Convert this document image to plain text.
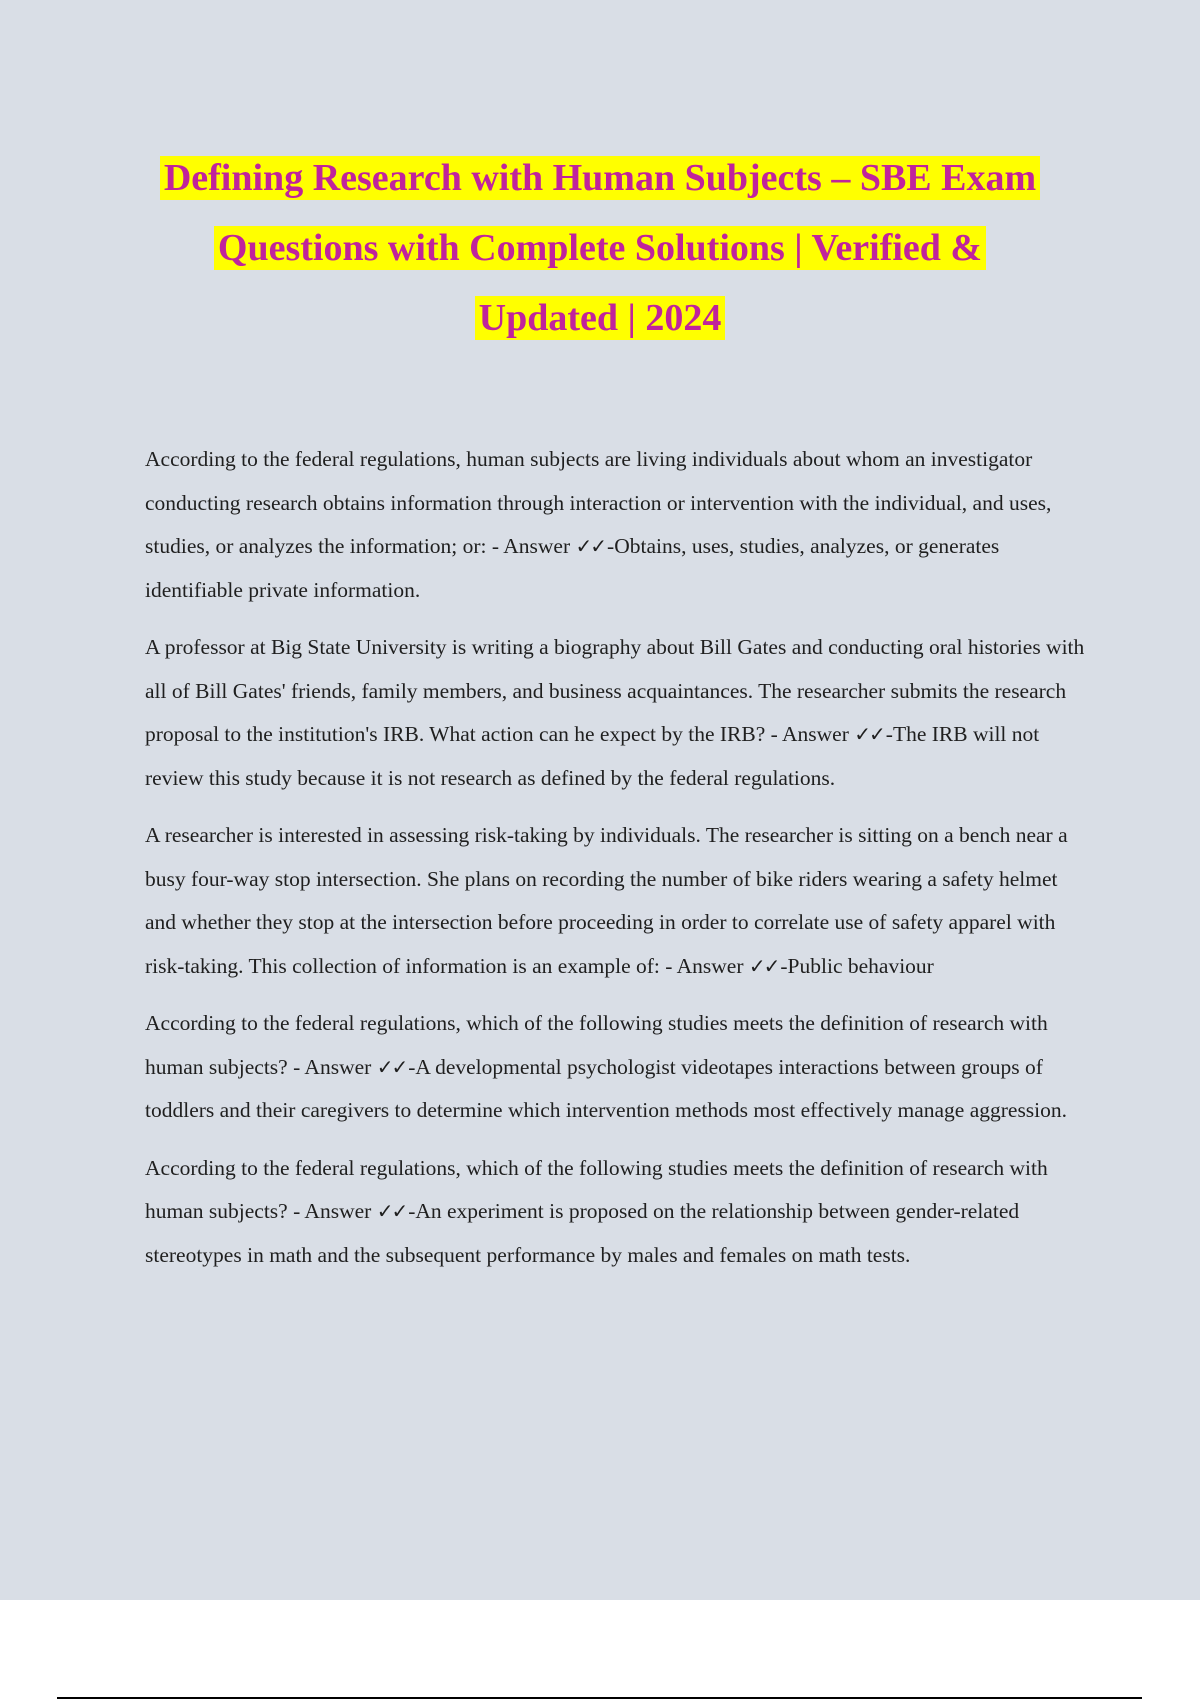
Defining Research with Human Subjects – SBE Exam
Questions with Complete Solutions | Verified &
Updated | 2024

According to the federal regulations, human subjects are living individuals about whom an investigator conducting research obtains information through interaction or intervention with the individual, and uses, studies, or analyzes the information; or: - Answer ✓✓-Obtains, uses, studies, analyzes, or generates identifiable private information.

A professor at Big State University is writing a biography about Bill Gates and conducting oral histories with all of Bill Gates' friends, family members, and business acquaintances. The researcher submits the research proposal to the institution's IRB. What action can he expect by the IRB? - Answer ✓✓-The IRB will not review this study because it is not research as defined by the federal regulations.

A researcher is interested in assessing risk-taking by individuals. The researcher is sitting on a bench near a busy four-way stop intersection. She plans on recording the number of bike riders wearing a safety helmet and whether they stop at the intersection before proceeding in order to correlate use of safety apparel with risk-taking. This collection of information is an example of: - Answer ✓✓-Public behaviour

According to the federal regulations, which of the following studies meets the definition of research with human subjects? - Answer ✓✓-A developmental psychologist videotapes interactions between groups of toddlers and their caregivers to determine which intervention methods most effectively manage aggression.

According to the federal regulations, which of the following studies meets the definition of research with human subjects? - Answer ✓✓-An experiment is proposed on the relationship between gender-related stereotypes in math and the subsequent performance by males and females on math tests.
